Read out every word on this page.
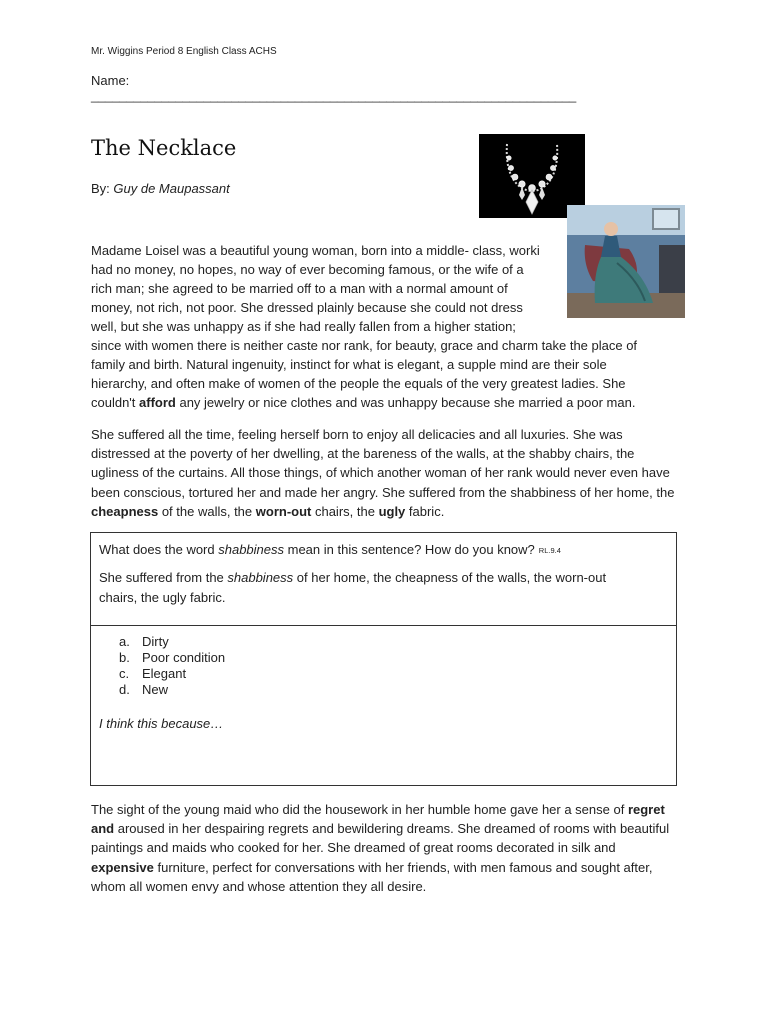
Mr. Wiggins Period 8 English Class ACHS
Name:
_____________________________________________________________________
The Necklace
By: Guy de Maupassant
Madame Loisel was a beautiful young woman, born into a middle- class, worki
had no money, no hopes, no way of ever becoming famous, or the wife of a
rich man; she agreed to be married off to a man with a normal amount of
money, not rich, not poor. She dressed plainly because she could not dress
well, but she was unhappy as if she had really fallen from a higher station;
since with women there is neither caste nor rank, for beauty, grace and charm take the place of
family and birth. Natural ingenuity, instinct for what is elegant, a supple mind are their sole
hierarchy, and often make of women of the people the equals of the very greatest ladies. She
couldn't afford any jewelry or nice clothes and was unhappy because she married a poor man.

She suffered all the time, feeling herself born to enjoy all delicacies and all luxuries. She was distressed at the poverty of her dwelling, at the bareness of the walls, at the shabby chairs, the ugliness of the curtains. All those things, of which another woman of her rank would never even have been conscious, tortured her and made her angry. She suffered from the shabbiness of her home, the cheapness of the walls, the worn-out chairs, the ugly fabric.

What does the word shabbiness mean in this sentence? How do you know? RL.9.4
She suffered from the shabbiness of her home, the cheapness of the walls, the worn-out
chairs, the ugly fabric.
a. Dirty
b. Poor condition
c. Elegant
d. New
I think this because…

The sight of the young maid who did the housework in her humble home gave her a sense of regret and aroused in her despairing regrets and bewildering dreams. She dreamed of rooms with beautiful paintings and maids who cooked for her. She dreamed of great rooms decorated in silk and expensive furniture, perfect for conversations with her friends, with men famous and sought after, whom all women envy and whose attention they all desire.
